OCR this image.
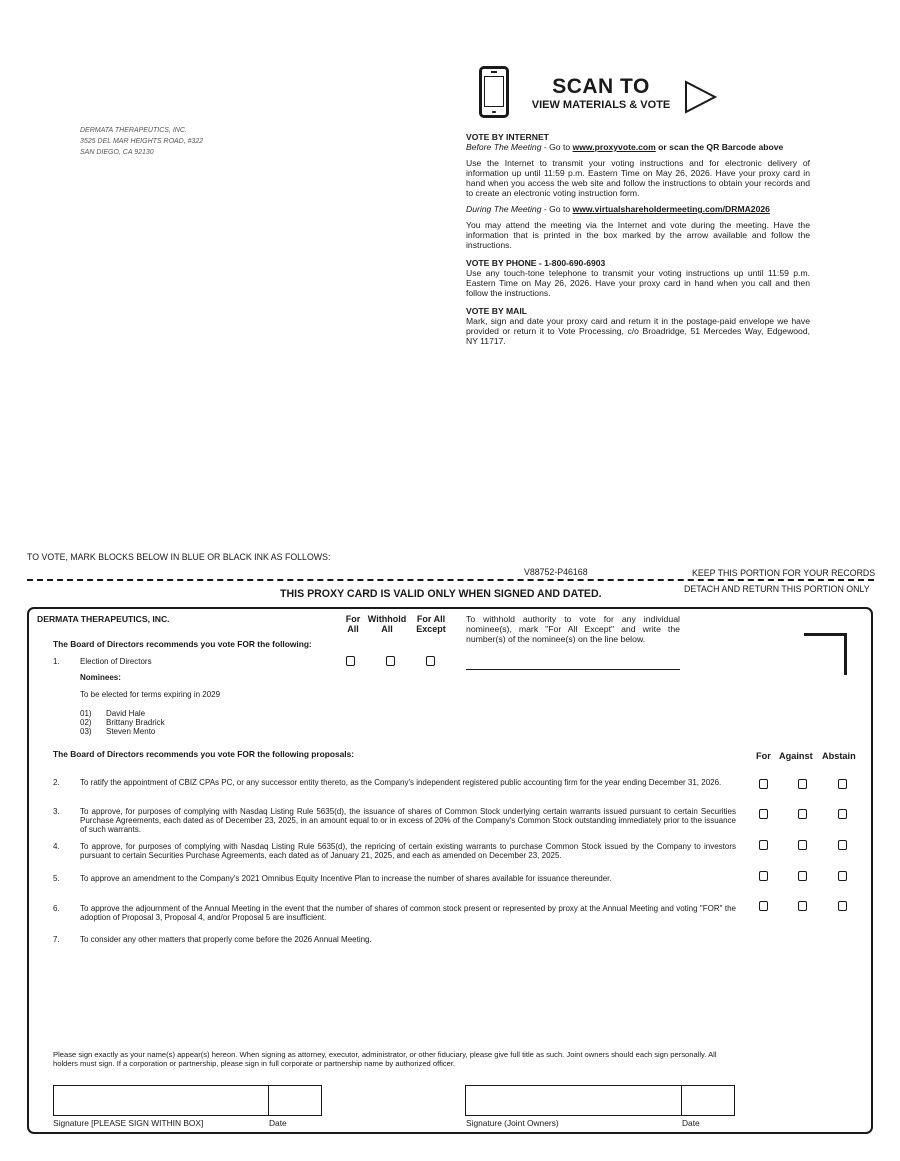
DERMATA THERAPEUTICS, INC.
3525 DEL MAR HEIGHTS ROAD, #322
SAN DIEGO, CA 92130
SCAN TO
VIEW MATERIALS & VOTE
VOTE BY INTERNET
Before The Meeting - Go to www.proxyvote.com or scan the QR Barcode above

Use the Internet to transmit your voting instructions and for electronic delivery of information up until 11:59 p.m. Eastern Time on May 26, 2026. Have your proxy card in hand when you access the web site and follow the instructions to obtain your records and to create an electronic voting instruction form.

During The Meeting - Go to www.virtualshareholdermeeting.com/DRMA2026

You may attend the meeting via the Internet and vote during the meeting. Have the information that is printed in the box marked by the arrow available and follow the instructions.

VOTE BY PHONE - 1-800-690-6903

Use any touch-tone telephone to transmit your voting instructions up until 11:59 p.m. Eastern Time on May 26, 2026. Have your proxy card in hand when you call and then follow the instructions.

VOTE BY MAIL

Mark, sign and date your proxy card and return it in the postage-paid envelope we have provided or return it to Vote Processing, c/o Broadridge, 51 Mercedes Way, Edgewood, NY 11717.

TO VOTE, MARK BLOCKS BELOW IN BLUE OR BLACK INK AS FOLLOWS:
V88752-P46168	KEEP THIS PORTION FOR YOUR RECORDS
THIS PROXY CARD IS VALID ONLY WHEN SIGNED AND DATED.	DETACH AND RETURN THIS PORTION ONLY
DERMATA THERAPEUTICS, INC.	For
All
Withhold
All
For All
Except
To withhold authority to vote for any individual nominee(s), mark "For All Except" and write the number(s) of the nominee(s) on the line below.
The Board of Directors recommends you vote FOR the following:
1.	Election of Directors
Nominees:
To be elected for terms expiring in 2029
01) David Hale
02) Brittany Bradrick
03) Steven Mento
The Board of Directors recommends you vote FOR the following proposals:	For Against Abstain
2.	To ratify the appointment of CBIZ CPAs PC, or any successor entity thereto, as the Company's independent registered public accounting firm for the year ending December 31, 2026.
3.	To approve, for purposes of complying with Nasdaq Listing Rule 5635(d), the issuance of shares of Common Stock underlying certain warrants issued pursuant to certain Securities Purchase Agreements, each dated as of December 23, 2025, in an amount equal to or in excess of 20% of the Company's Common Stock outstanding immediately prior to the issuance of such warrants.
4.	To approve, for purposes of complying with Nasdaq Listing Rule 5635(d), the repricing of certain existing warrants to purchase Common Stock issued by the Company to investors pursuant to certain Securities Purchase Agreements, each dated as of January 21, 2025, and each as amended on December 23, 2025.
5.	To approve an amendment to the Company's 2021 Omnibus Equity Incentive Plan to increase the number of shares available for issuance thereunder.
6.	To approve the adjournment of the Annual Meeting in the event that the number of shares of common stock present or represented by proxy at the Annual Meeting and voting "FOR" the adoption of Proposal 3, Proposal 4, and/or Proposal 5 are insufficient.
7.	To consider any other matters that properly come before the 2026 Annual Meeting.
Please sign exactly as your name(s) appear(s) hereon. When signing as attorney, executor, administrator, or other fiduciary, please give full title as such. Joint owners should each sign personally. All holders must sign. If a corporation or partnership, please sign in full corporate or partnership name by authorized officer.
Signature [PLEASE SIGN WITHIN BOX]	Date	Signature (Joint Owners)	Date
